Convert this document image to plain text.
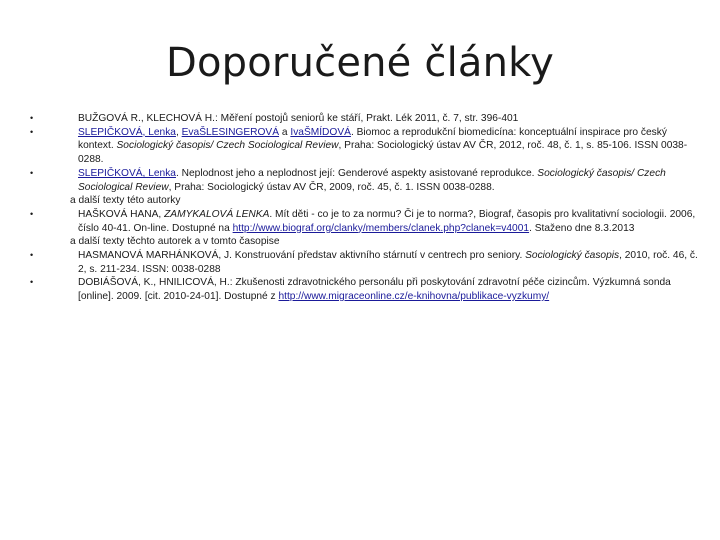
Doporučené články
•	BUŽGOVÁ R., KLECHOVÁ H.: Měření postojů seniorů ke stáří, Prakt. Lék 2011, č. 7, str. 396-401
•	SLEPIČKOVÁ, Lenka, EvaŠLESINGEROVÁ a IvaŠMÍDOVÁ. Biomoc a reprodukční biomedicína: konceptuální inspirace pro český kontext. Sociologický časopis/ Czech Sociological Review, Praha: Sociologický ústav AV ČR, 2012, roč. 48, č. 1, s. 85-106. ISSN 0038-0288.
•	SLEPIČKOVÁ, Lenka. Neplodnost jeho a neplodnost její: Genderové aspekty asistované reprodukce. Sociologický časopis/ Czech Sociological Review, Praha: Sociologický ústav AV ČR, 2009, roč. 45, č. 1. ISSN 0038-0288.
a další texty této autorky
•	HAŠKOVÁ HANA, ZAMYKALOVÁ LENKA. Mít děti - co je to za normu? Či je to norma?, Biograf, časopis pro kvalitativní sociologii. 2006, číslo 40-41. On-line. Dostupné na http://www.biograf.org/clanky/members/clanek.php?clanek=v4001. Staženo dne 8.3.2013
a další texty těchto autorek a v tomto časopise
•	HASMANOVÁ MARHÁNKOVÁ, J. Konstruování představ aktivního stárnutí v centrech pro seniory. Sociologický časopis, 2010, roč. 46, č. 2, s. 211-234. ISSN: 0038-0288
•	DOBIÁŠOVÁ, K., HNILICOVÁ, H.: Zkušenosti zdravotnického personálu při poskytování zdravotní péče cizincům. Výzkumná sonda [online]. 2009. [cit. 2010-24-01]. Dostupné z http://www.migraceonline.cz/e-knihovna/publikace-vyzkumy/
